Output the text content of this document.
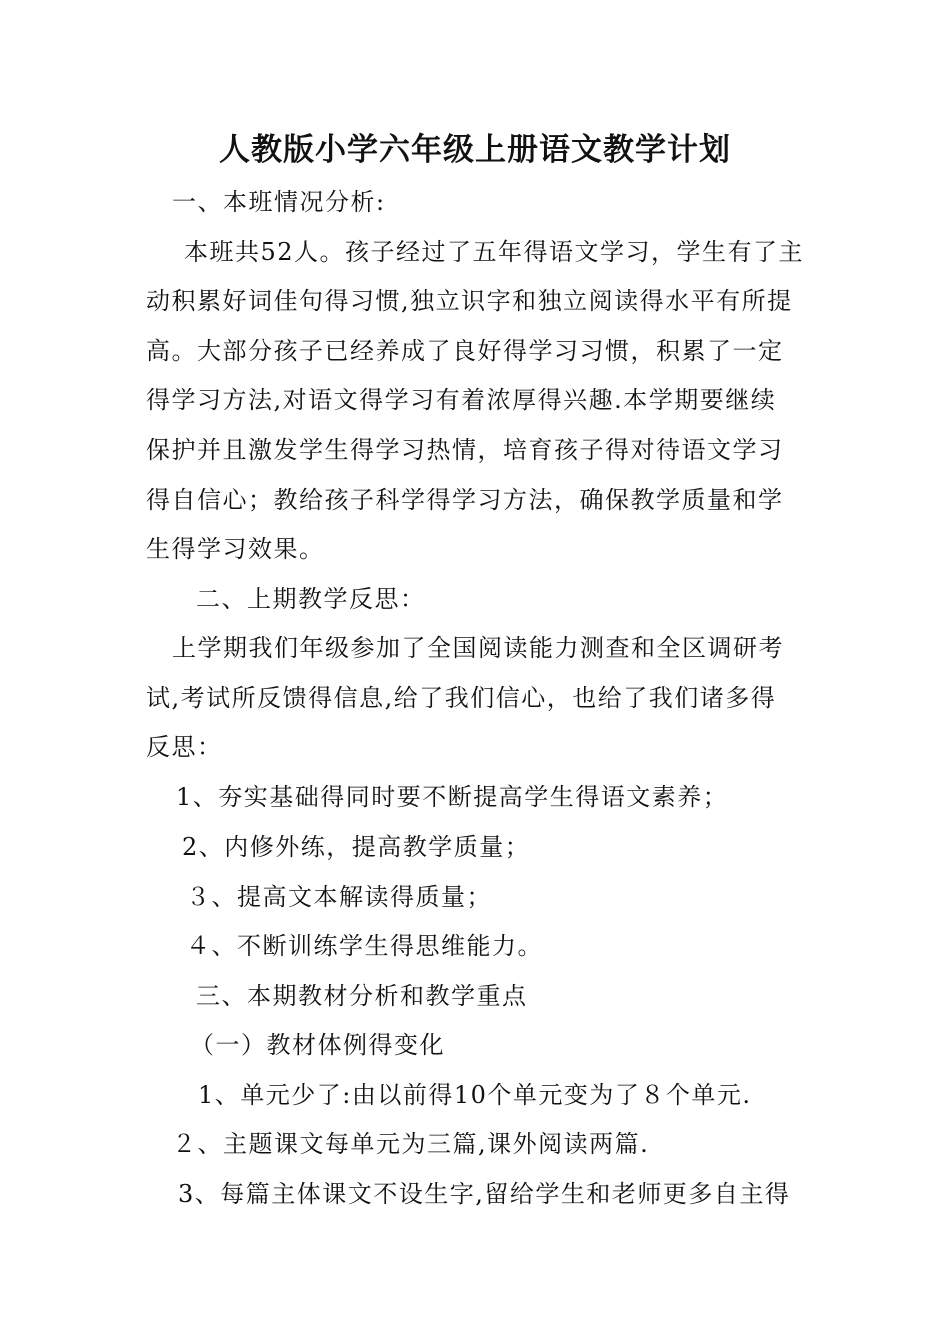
人教版小学六年级上册语文教学计划
一、本班情况分析:
本班共52人。孩子经过了五年得语文学习，学生有了主
动积累好词佳句得习惯,独立识字和独立阅读得水平有所提
高。大部分孩子已经养成了良好得学习习惯，积累了一定
得学习方法,对语文得学习有着浓厚得兴趣.本学期要继续
保护并且激发学生得学习热情，培育孩子得对待语文学习
得自信心；教给孩子科学得学习方法，确保教学质量和学
生得学习效果。
二、上期教学反思：
上学期我们年级参加了全国阅读能力测查和全区调研考
试,考试所反馈得信息,给了我们信心，也给了我们诸多得
反思：
1、夯实基础得同时要不断提高学生得语文素养；
2、内修外练，提高教学质量；
３、提高文本解读得质量；
４、不断训练学生得思维能力。
三、本期教材分析和教学重点
（一）教材体例得变化
1、单元少了:由以前得10个单元变为了８个单元.
２、主题课文每单元为三篇,课外阅读两篇.
3、每篇主体课文不设生字,留给学生和老师更多自主得
